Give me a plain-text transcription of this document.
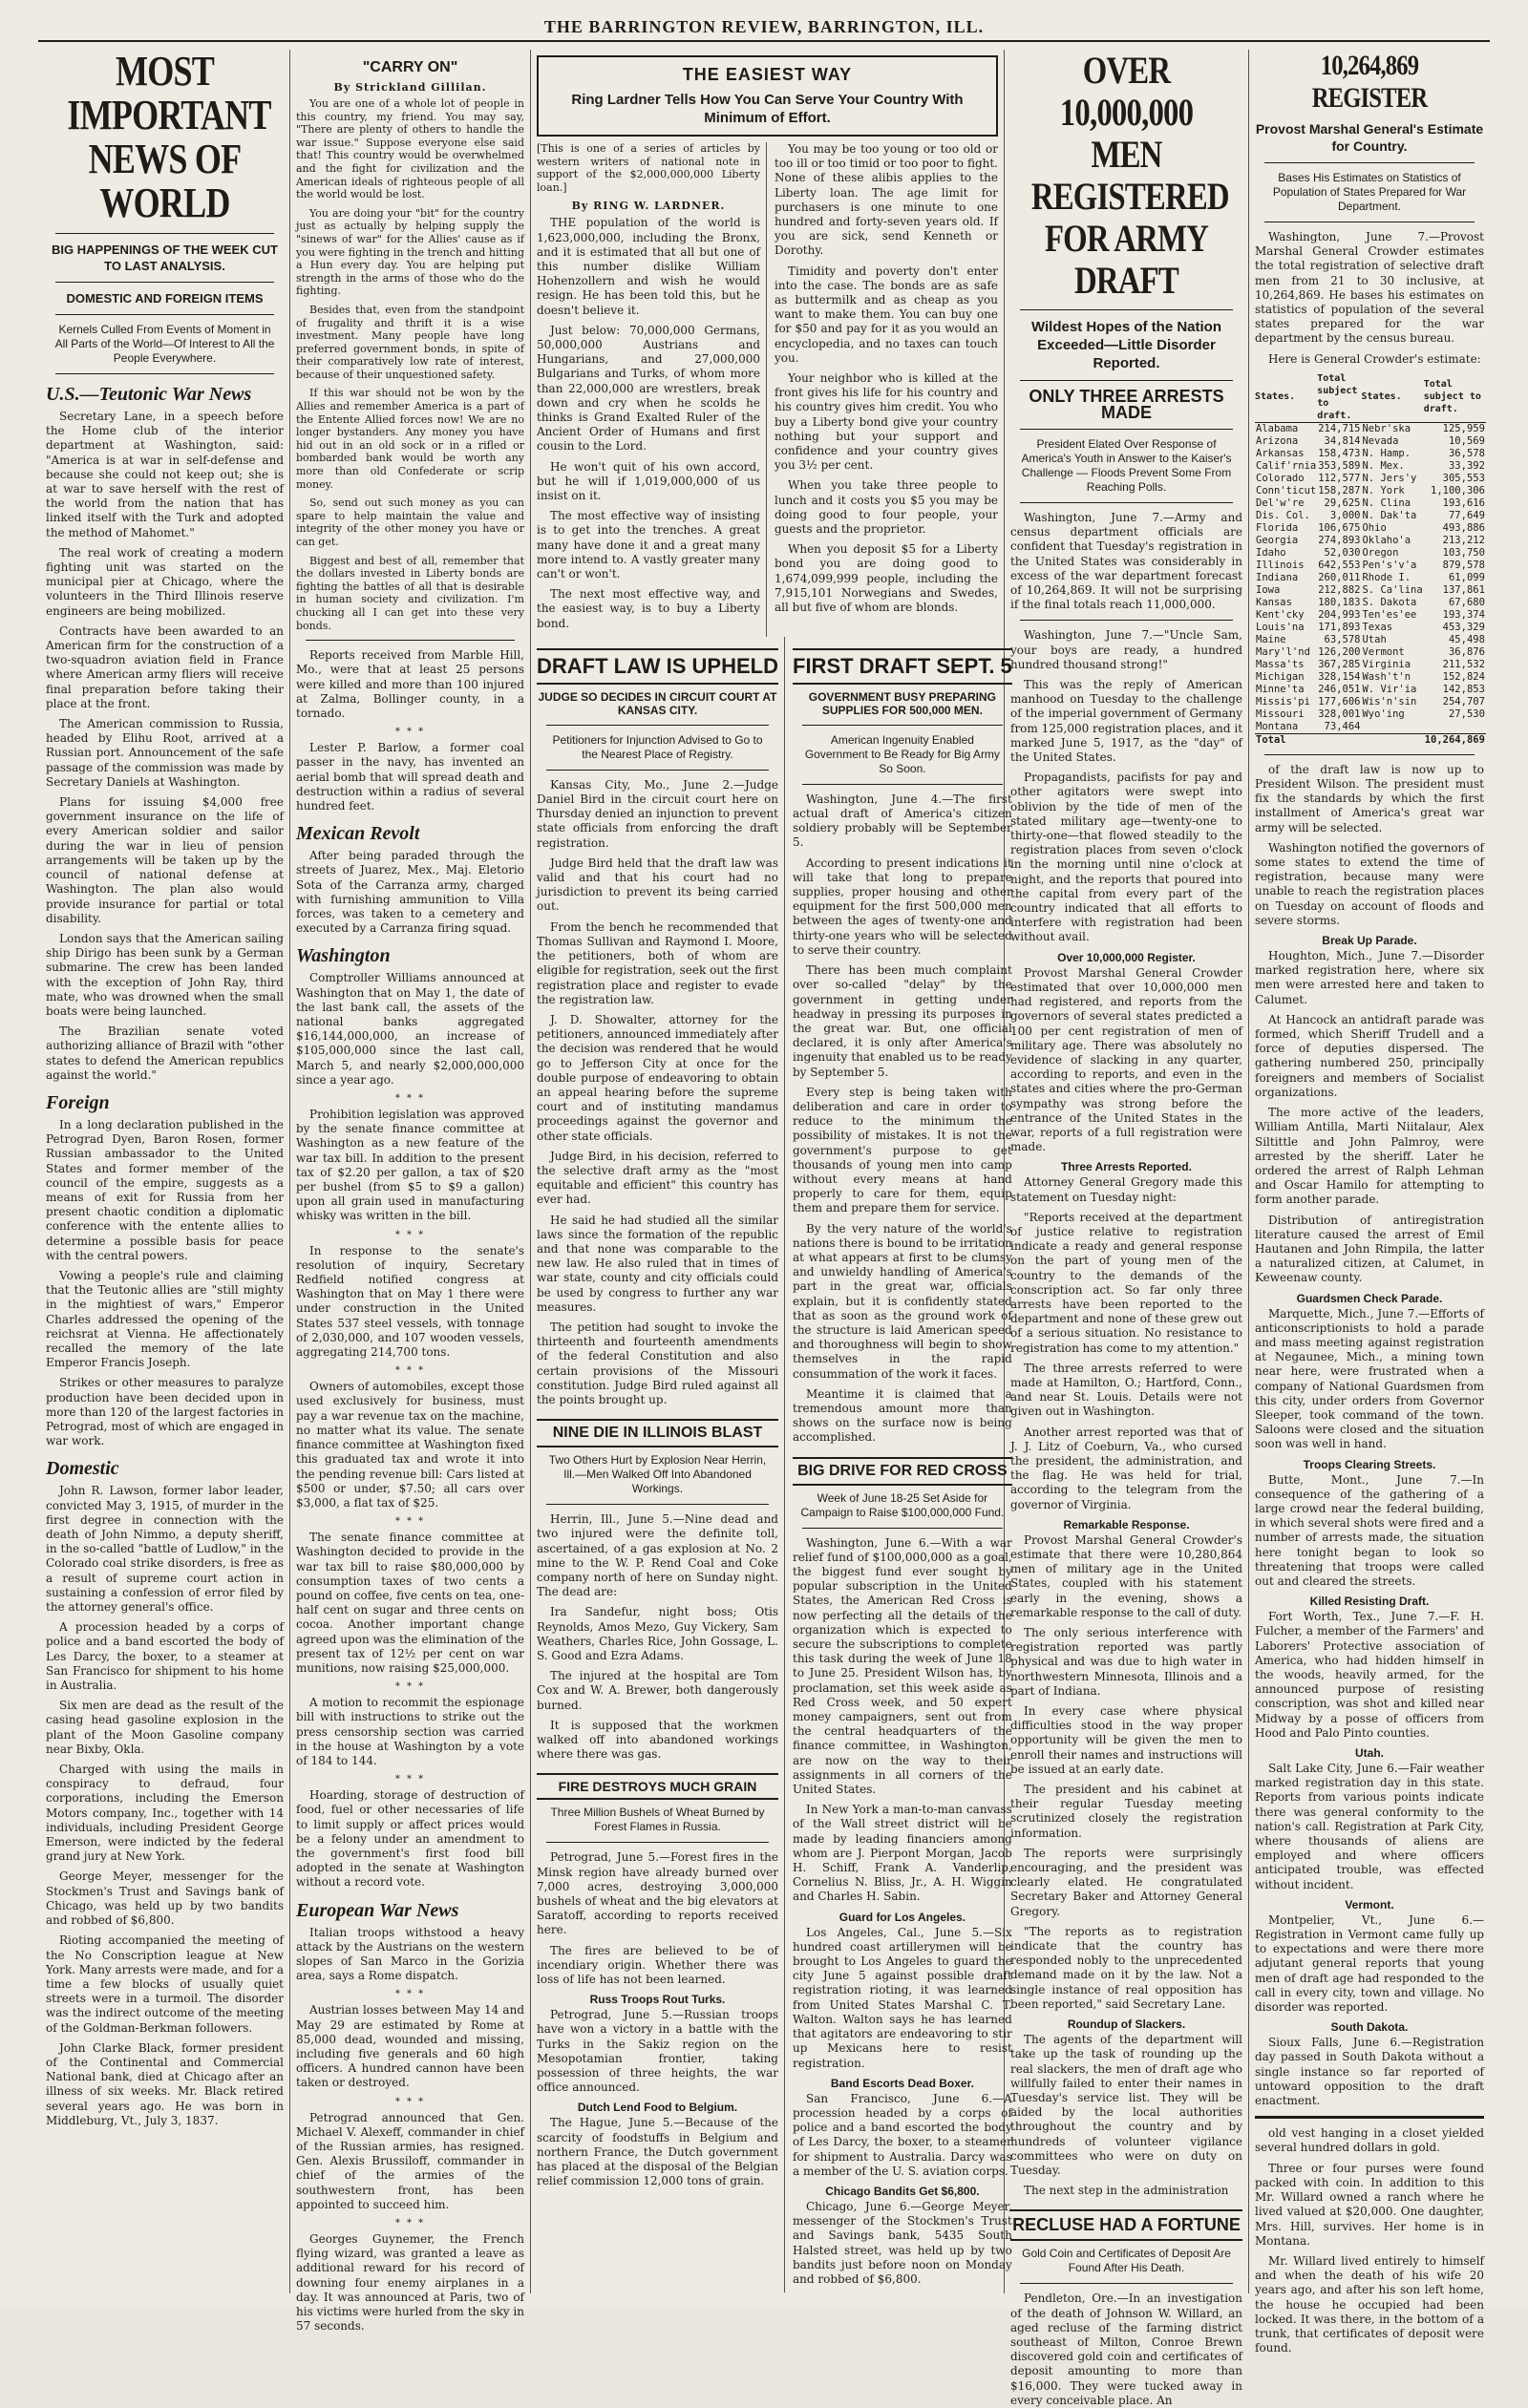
THE BARRINGTON REVIEW, BARRINGTON, ILL.
MOST IMPORTANT NEWS OF WORLD
BIG HAPPENINGS OF THE WEEK CUT TO LAST ANALYSIS.
DOMESTIC AND FOREIGN ITEMS
Kernels Culled From Events of Moment in All Parts of the World—Of Interest to All the People Everywhere.
U.S.—Teutonic War News

Secretary Lane, in a speech before the Home club of the interior department at Washington, said: "America is at war in self-defense and because she could not keep out; she is at war to save herself with the rest of the world from the nation that has linked itself with the Turk and adopted the method of Mahomet."

The real work of creating a modern fighting unit was started on the municipal pier at Chicago, where the volunteers in the Third Illinois reserve engineers are being mobilized.

Contracts have been awarded to an American firm for the construction of a two-squadron aviation field in France where American army fliers will receive final preparation before taking their place at the front.

The American commission to Russia, headed by Elihu Root, arrived at a Russian port. Announcement of the safe passage of the commission was made by Secretary Daniels at Washington.

Plans for issuing $4,000 free government insurance on the life of every American soldier and sailor during the war in lieu of pension arrangements will be taken up by the council of national defense at Washington. The plan also would provide insurance for partial or total disability.

London says that the American sailing ship Dirigo has been sunk by a German submarine. The crew has been landed with the exception of John Ray, third mate, who was drowned when the small boats were being launched.

The Brazilian senate voted authorizing alliance of Brazil with "other states to defend the American republics against the world."

Foreign

In a long declaration published in the Petrograd Dyen, Baron Rosen, former Russian ambassador to the United States and former member of the council of the empire, suggests as a means of exit for Russia from her present chaotic condition a diplomatic conference with the entente allies to determine a possible basis for peace with the central powers.

Vowing a people's rule and claiming that the Teutonic allies are "still mighty in the mightiest of wars," Emperor Charles addressed the opening of the reichsrat at Vienna. He affectionately recalled the memory of the late Emperor Francis Joseph.

Strikes or other measures to paralyze production have been decided upon in more than 120 of the largest factories in Petrograd, most of which are engaged in war work.

Domestic

John R. Lawson, former labor leader, convicted May 3, 1915, of murder in the first degree in connection with the death of John Nimmo, a deputy sheriff, in the so-called "battle of Ludlow," in the Colorado coal strike disorders, is free as a result of supreme court action in sustaining a confession of error filed by the attorney general's office.

A procession headed by a corps of police and a band escorted the body of Les Darcy, the boxer, to a steamer at San Francisco for shipment to his home in Australia.

Six men are dead as the result of the casing head gasoline explosion in the plant of the Moon Gasoline company near Bixby, Okla.

Charged with using the mails in conspiracy to defraud, four corporations, including the Emerson Motors company, Inc., together with 14 individuals, including President George Emerson, were indicted by the federal grand jury at New York.

George Meyer, messenger for the Stockmen's Trust and Savings bank of Chicago, was held up by two bandits and robbed of $6,800.

Rioting accompanied the meeting of the No Conscription league at New York. Many arrests were made, and for a time a few blocks of usually quiet streets were in a turmoil. The disorder was the indirect outcome of the meeting of the Goldman-Berkman followers.

John Clarke Black, former president of the Continental and Commercial National bank, died at Chicago after an illness of six weeks. Mr. Black retired several years ago. He was born in Middleburg, Vt., July 3, 1837.

"CARRY ON"
By Strickland Gillilan.

You are one of a whole lot of people in this country, my friend. You may say, "There are plenty of others to handle the war issue." Suppose everyone else said that! This country would be overwhelmed and the fight for civilization and the American ideals of righteous people of all the world would be lost.

You are doing your "bit" for the country just as actually by helping supply the "sinews of war" for the Allies' cause as if you were fighting in the trench and hitting a Hun every day. You are helping put strength in the arms of those who do the fighting.

Besides that, even from the standpoint of frugality and thrift it is a wise investment. Many people have long preferred government bonds, in spite of their comparatively low rate of interest, because of their unquestioned safety.

If this war should not be won by the Allies and remember America is a part of the Entente Allied forces now! We are no longer bystanders. Any money you have hid out in an old sock or in a rifled or bombarded bank would be worth any more than old Confederate or scrip money.

So, send out such money as you can spare to help maintain the value and integrity of the other money you have or can get.

Biggest and best of all, remember that the dollars invested in Liberty bonds are fighting the battles of all that is desirable in human society and civilization. I'm chucking all I can get into these very bonds.

Reports received from Marble Hill, Mo., were that at least 25 persons were killed and more than 100 injured at Zalma, Bollinger county, in a tornado.

* * *

Lester P. Barlow, a former coal passer in the navy, has invented an aerial bomb that will spread death and destruction within a radius of several hundred feet.

Mexican Revolt

After being paraded through the streets of Juarez, Mex., Maj. Eletorio Sota of the Carranza army, charged with furnishing ammunition to Villa forces, was taken to a cemetery and executed by a Carranza firing squad.

Washington

Comptroller Williams announced at Washington that on May 1, the date of the last bank call, the assets of the national banks aggregated $16,144,000,000, an increase of $105,000,000 since the last call, March 5, and nearly $2,000,000,000 since a year ago.

* * *

Prohibition legislation was approved by the senate finance committee at Washington as a new feature of the war tax bill. In addition to the present tax of $2.20 per gallon, a tax of $20 per bushel (from $5 to $9 a gallon) upon all grain used in manufacturing whisky was written in the bill.

* * *

In response to the senate's resolution of inquiry, Secretary Redfield notified congress at Washington that on May 1 there were under construction in the United States 537 steel vessels, with tonnage of 2,030,000, and 107 wooden vessels, aggregating 214,700 tons.

* * *

Owners of automobiles, except those used exclusively for business, must pay a war revenue tax on the machine, no matter what its value. The senate finance committee at Washington fixed this graduated tax and wrote it into the pending revenue bill: Cars listed at $500 or under, $7.50; all cars over $3,000, a flat tax of $25.

* * *

The senate finance committee at Washington decided to provide in the war tax bill to raise $80,000,000 by consumption taxes of two cents a pound on coffee, five cents on tea, one-half cent on sugar and three cents on cocoa. Another important change agreed upon was the elimination of the present tax of 12½ per cent on war munitions, now raising $25,000,000.

* * *

A motion to recommit the espionage bill with instructions to strike out the press censorship section was carried in the house at Washington by a vote of 184 to 144.

* * *

Hoarding, storage of destruction of food, fuel or other necessaries of life to limit supply or affect prices would be a felony under an amendment to the government's first food bill adopted in the senate at Washington without a record vote.

European War News

Italian troops withstood a heavy attack by the Austrians on the western slopes of San Marco in the Gorizia area, says a Rome dispatch.

* * *

Austrian losses between May 14 and May 29 are estimated by Rome at 85,000 dead, wounded and missing, including five generals and 60 high officers. A hundred cannon have been taken or destroyed.

* * *

Petrograd announced that Gen. Michael V. Alexeff, commander in chief of the Russian armies, has resigned. Gen. Alexis Brussiloff, commander in chief of the armies of the southwestern front, has been appointed to succeed him.

* * *

Georges Guynemer, the French flying wizard, was granted a leave as additional reward for his record of downing four enemy airplanes in a day. It was announced at Paris, two of his victims were hurled from the sky in 57 seconds.

THE EASIEST WAY
Ring Lardner Tells How You Can Serve Your Country With Minimum of Effort.

[This is one of a series of articles by western writers of national note in support of the $2,000,000,000 Liberty loan.]

By RING W. LARDNER.

THE population of the world is 1,623,000,000, including the Bronx, and it is estimated that all but one of this number dislike William Hohenzollern and wish he would resign. He has been told this, but he doesn't believe it.

Just below: 70,000,000 Germans, 50,000,000 Austrians and Hungarians, and 27,000,000 Bulgarians and Turks, of whom more than 22,000,000 are wrestlers, break down and cry when he scolds he thinks is Grand Exalted Ruler of the Ancient Order of Humans and first cousin to the Lord.

He won't quit of his own accord, but he will if 1,019,000,000 of us insist on it.

The most effective way of insisting is to get into the trenches. A great many have done it and a great many more intend to. A vastly greater many can't or won't.

The next most effective way, and the easiest way, is to buy a Liberty bond.

You may be too young or too old or too ill or too timid or too poor to fight. None of these alibis applies to the Liberty loan. The age limit for purchasers is one minute to one hundred and forty-seven years old. If you are sick, send Kenneth or Dorothy.

Timidity and poverty don't enter into the case. The bonds are as safe as buttermilk and as cheap as you want to make them. You can buy one for $50 and pay for it as you would an encyclopedia, and no taxes can touch you.

Your neighbor who is killed at the front gives his life for his country and his country gives him credit. You who buy a Liberty bond give your country nothing but your support and confidence and your country gives you 3½ per cent.

When you take three people to lunch and it costs you $5 you may be doing good to four people, your guests and the proprietor.

When you deposit $5 for a Liberty bond you are doing good to 1,674,099,999 people, including the 7,915,101 Norwegians and Swedes, all but five of whom are blonds.

DRAFT LAW IS UPHELD
JUDGE SO DECIDES IN CIRCUIT COURT AT KANSAS CITY.
Petitioners for Injunction Advised to Go to the Nearest Place of Registry.

Kansas City, Mo., June 2.—Judge Daniel Bird in the circuit court here on Thursday denied an injunction to prevent state officials from enforcing the draft registration.

Judge Bird held that the draft law was valid and that his court had no jurisdiction to prevent its being carried out.

From the bench he recommended that Thomas Sullivan and Raymond I. Moore, the petitioners, both of whom are eligible for registration, seek out the first registration place and register to evade the registration law.

J. D. Showalter, attorney for the petitioners, announced immediately after the decision was rendered that he would go to Jefferson City at once for the double purpose of endeavoring to obtain an appeal hearing before the supreme court and of instituting mandamus proceedings against the governor and other state officials.

Judge Bird, in his decision, referred to the selective draft army as the "most equitable and efficient" this country has ever had.

He said he had studied all the similar laws since the formation of the republic and that none was comparable to the new law. He also ruled that in times of war state, county and city officials could be used by congress to further any war measures.

The petition had sought to invoke the thirteenth and fourteenth amendments of the federal Constitution and also certain provisions of the Missouri constitution. Judge Bird ruled against all the points brought up.

NINE DIE IN ILLINOIS BLAST
Two Others Hurt by Explosion Near Herrin, Ill.—Men Walked Off Into Abandoned Workings.

Herrin, Ill., June 5.—Nine dead and two injured were the definite toll, ascertained, of a gas explosion at No. 2 mine to the W. P. Rend Coal and Coke company north of here on Sunday night. The dead are:

Ira Sandefur, night boss; Otis Reynolds, Amos Mezo, Guy Vickery, Sam Weathers, Charles Rice, John Gossage, L. S. Good and Ezra Adams.

The injured at the hospital are Tom Cox and W. A. Brewer, both dangerously burned.

It is supposed that the workmen walked off into abandoned workings where there was gas.

FIRE DESTROYS MUCH GRAIN
Three Million Bushels of Wheat Burned by Forest Flames in Russia.

Petrograd, June 5.—Forest fires in the Minsk region have already burned over 7,000 acres, destroying 3,000,000 bushels of wheat and the big elevators at Saratoff, according to reports received here.

The fires are believed to be of incendiary origin. Whether there was loss of life has not been learned.

Russ Troops Rout Turks.

Petrograd, June 5.—Russian troops have won a victory in a battle with the Turks in the Sakiz region on the Mesopotamian frontier, taking possession of three heights, the war office announced.

Dutch Lend Food to Belgium.

The Hague, June 5.—Because of the scarcity of foodstuffs in Belgium and northern France, the Dutch government has placed at the disposal of the Belgian relief commission 12,000 tons of grain.

FIRST DRAFT SEPT. 5
GOVERNMENT BUSY PREPARING SUPPLIES FOR 500,000 MEN.
American Ingenuity Enabled Government to Be Ready for Big Army So Soon.

Washington, June 4.—The first actual draft of America's citizen soldiery probably will be September 5.

According to present indications it will take that long to prepare supplies, proper housing and other equipment for the first 500,000 men between the ages of twenty-one and thirty-one years who will be selected to serve their country.

There has been much complaint over so-called "delay" by the government in getting under headway in pressing its purposes in the great war. But, one official declared, it is only after America's ingenuity that enabled us to be ready by September 5.

Every step is being taken with deliberation and care in order to reduce to the minimum the possibility of mistakes. It is not the government's purpose to get thousands of young men into camp without every means at hand properly to care for them, equip them and prepare them for service.

By the very nature of the world's nations there is bound to be irritation at what appears at first to be clumsy and unwieldy handling of America's part in the great war, officials explain, but it is confidently stated that as soon as the ground work of the structure is laid American speed and thoroughness will begin to show themselves in the rapid consummation of the work it faces.

Meantime it is claimed that a tremendous amount more than shows on the surface now is being accomplished.

BIG DRIVE FOR RED CROSS
Week of June 18-25 Set Aside for Campaign to Raise $100,000,000 Fund.

Washington, June 6.—With a war relief fund of $100,000,000 as a goal, the biggest fund ever sought by popular subscription in the United States, the American Red Cross is now perfecting all the details of the organization which is expected to secure the subscriptions to complete this task during the week of June 18 to June 25. President Wilson has, by proclamation, set this week aside as Red Cross week, and 50 expert money campaigners, sent out from the central headquarters of the finance committee, in Washington, are now on the way to their assignments in all corners of the United States.

In New York a man-to-man canvass of the Wall street district will be made by leading financiers among whom are J. Pierpont Morgan, Jacob H. Schiff, Frank A. Vanderlip, Cornelius N. Bliss, Jr., A. H. Wiggin and Charles H. Sabin.

Guard for Los Angeles.

Los Angeles, Cal., June 5.—Six hundred coast artillerymen will be brought to Los Angeles to guard the city June 5 against possible draft registration rioting, it was learned from United States Marshal C. T. Walton. Walton says he has learned that agitators are endeavoring to stir up Mexicans here to resist registration.

Band Escorts Dead Boxer.

San Francisco, June 6.—A procession headed by a corps of police and a band escorted the body of Les Darcy, the boxer, to a steamer for shipment to Australia. Darcy was a member of the U. S. aviation corps.

Chicago Bandits Get $6,800.

Chicago, June 6.—George Meyer, messenger of the Stockmen's Trust and Savings bank, 5435 South Halsted street, was held up by two bandits just before noon on Monday and robbed of $6,800.

OVER 10,000,000 MEN REGISTERED FOR ARMY DRAFT
Wildest Hopes of the Nation Exceeded—Little Disorder Reported.
ONLY THREE ARRESTS MADE
President Elated Over Response of America's Youth in Answer to the Kaiser's Challenge — Floods Prevent Some From Reaching Polls.

Washington, June 7.—Army and census department officials are confident that Tuesday's registration in the United States was considerably in excess of the war department forecast of 10,264,869. It will not be surprising if the final totals reach 11,000,000.

Washington, June 7.—"Uncle Sam, your boys are ready, a hundred hundred thousand strong!"

This was the reply of American manhood on Tuesday to the challenge of the imperial government of Germany from 125,000 registration places, and it marked June 5, 1917, as the "day" of the United States.

Propagandists, pacifists for pay and other agitators were swept into oblivion by the tide of men of the stated military age—twenty-one to thirty-one—that flowed steadily to the registration places from seven o'clock in the morning until nine o'clock at night, and the reports that poured into the capital from every part of the country indicated that all efforts to interfere with registration had been without avail.

Over 10,000,000 Register.

Provost Marshal General Crowder estimated that over 10,000,000 men had registered, and reports from the governors of several states predicted a 100 per cent registration of men of military age. There was absolutely no evidence of slacking in any quarter, according to reports, and even in the states and cities where the pro-German sympathy was strong before the entrance of the United States in the war, reports of a full registration were made.

Three Arrests Reported.

Attorney General Gregory made this statement on Tuesday night:

"Reports received at the department of justice relative to registration indicate a ready and general response on the part of young men of the country to the demands of the conscription act. So far only three arrests have been reported to the department and none of these grew out of a serious situation. No resistance to registration has come to my attention."

The three arrests referred to were made at Hamilton, O.; Hartford, Conn., and near St. Louis. Details were not given out in Washington.

Another arrest reported was that of J. J. Litz of Coeburn, Va., who cursed the president, the administration, and the flag. He was held for trial, according to the telegram from the governor of Virginia.

Remarkable Response.

Provost Marshal General Crowder's estimate that there were 10,280,864 men of military age in the United States, coupled with his statement early in the evening, shows a remarkable response to the call of duty.

The only serious interference with registration reported was partly physical and was due to high water in northwestern Minnesota, Illinois and a part of Indiana.

In every case where physical difficulties stood in the way proper opportunity will be given the men to enroll their names and instructions will be issued at an early date.

The president and his cabinet at their regular Tuesday meeting scrutinized closely the registration information.

The reports were surprisingly encouraging, and the president was clearly elated. He congratulated Secretary Baker and Attorney General Gregory.

"The reports as to registration indicate that the country has responded nobly to the unprecedented demand made on it by the law. Not a single instance of real opposition has been reported," said Secretary Lane.

Roundup of Slackers.

The agents of the department will take up the task of rounding up the real slackers, the men of draft age who willfully failed to enter their names in Tuesday's service list. They will be aided by the local authorities throughout the country and by hundreds of volunteer vigilance committees who were on duty on Tuesday.

The next step in the administration

RECLUSE HAD A FORTUNE
Gold Coin and Certificates of Deposit Are Found After His Death.

Pendleton, Ore.—In an investigation of the death of Johnson W. Willard, an aged recluse of the farming district southeast of Milton, Conroe Brewn discovered gold coin and certificates of deposit amounting to more than $16,000. They were tucked away in every conceivable place. An

10,264,869 REGISTER
Provost Marshal General's Estimate for Country.
Bases His Estimates on Statistics of Population of States Prepared for War Department.

Washington, June 7.—Provost Marshal General Crowder estimates the total registration of selective draft men from 21 to 30 inclusive, at 10,264,869. He bases his estimates on statistics of population of the several states prepared for the war department by the census bureau.

Here is General Crowder's estimate:

States.	Total subject to draft.	States.	Total subject to draft.
Alabama	214,715	Nebr'ska	125,959
Arizona	34,814	Nevada	10,569
Arkansas	158,473	N. Hamp.	36,578
Calif'rnia	353,589	N. Mex.	33,392
Colorado	112,577	N. Jers'y	305,553
Conn'ticut	158,287	N. York	1,100,306
Del'w're	29,625	N. Clina	193,616
Dis. Col.	3,000	N. Dak'ta	77,649
Florida	106,675	Ohio	493,886
Georgia	274,893	Oklaho'a	213,212
Idaho	52,030	Oregon	103,750
Illinois	642,553	Pen's'v'a	879,578
Indiana	260,011	Rhode I.	61,099
Iowa	212,882	S. Ca'lina	137,861
Kansas	180,183	S. Dakota	67,680
Kent'cky	204,993	Ten'es'ee	193,374
Louis'na	171,893	Texas	453,329
Maine	63,578	Utah	45,498
Mary'l'nd	126,200	Vermont	36,876
Massa'ts	367,285	Virginia	211,532
Michigan	328,154	Wash't'n	152,824
Minne'ta	246,051	W. Vir'ia	142,853
Missis'pi	177,606	Wis'n'sin	254,707
Missouri	328,001	Wyo'ing	27,530
Montana	73,464		
Total			10,264,869

of the draft law is now up to President Wilson. The president must fix the standards by which the first installment of America's great war army will be selected.

Washington notified the governors of some states to extend the time of registration, because many were unable to reach the registration places on Tuesday on account of floods and severe storms.

Break Up Parade.

Houghton, Mich., June 7.—Disorder marked registration here, where six men were arrested here and taken to Calumet.

At Hancock an antidraft parade was formed, which Sheriff Trudell and a force of deputies dispersed. The gathering numbered 250, principally foreigners and members of Socialist organizations.

The more active of the leaders, William Antilla, Marti Niitalaur, Alex Siltittle and John Palmroy, were arrested by the sheriff. Later he ordered the arrest of Ralph Lehman and Oscar Hamilo for attempting to form another parade.

Distribution of antiregistration literature caused the arrest of Emil Hautanen and John Rimpila, the latter a naturalized citizen, at Calumet, in Keweenaw county.

Guardsmen Check Parade.

Marquette, Mich., June 7.—Efforts of anticonscriptionists to hold a parade and mass meeting against registration at Negaunee, Mich., a mining town near here, were frustrated when a company of National Guardsmen from this city, under orders from Governor Sleeper, took command of the town. Saloons were closed and the situation soon was well in hand.

Troops Clearing Streets.

Butte, Mont., June 7.—In consequence of the gathering of a large crowd near the federal building, in which several shots were fired and a number of arrests made, the situation here tonight began to look so threatening that troops were called out and cleared the streets.

Killed Resisting Draft.

Fort Worth, Tex., June 7.—F. H. Fulcher, a member of the Farmers' and Laborers' Protective association of America, who had hidden himself in the woods, heavily armed, for the announced purpose of resisting conscription, was shot and killed near Midway by a posse of officers from Hood and Palo Pinto counties.

Utah.

Salt Lake City, June 6.—Fair weather marked registration day in this state. Reports from various points indicate there was general conformity to the nation's call. Registration at Park City, where thousands of aliens are employed and where officers anticipated trouble, was effected without incident.

Vermont.

Montpelier, Vt., June 6.—Registration in Vermont came fully up to expectations and were there more adjutant general reports that young men of draft age had responded to the call in every city, town and village. No disorder was reported.

South Dakota.

Sioux Falls, June 6.—Registration day passed in South Dakota without a single instance so far reported of untoward opposition to the draft enactment.

old vest hanging in a closet yielded several hundred dollars in gold.

Three or four purses were found packed with coin. In addition to this Mr. Willard owned a ranch where he lived valued at $20,000. One daughter, Mrs. Hill, survives. Her home is in Montana.

Mr. Willard lived entirely to himself and when the death of his wife 20 years ago, and after his son left home, the house he occupied had been locked. It was there, in the bottom of a trunk, that certificates of deposit were found.
